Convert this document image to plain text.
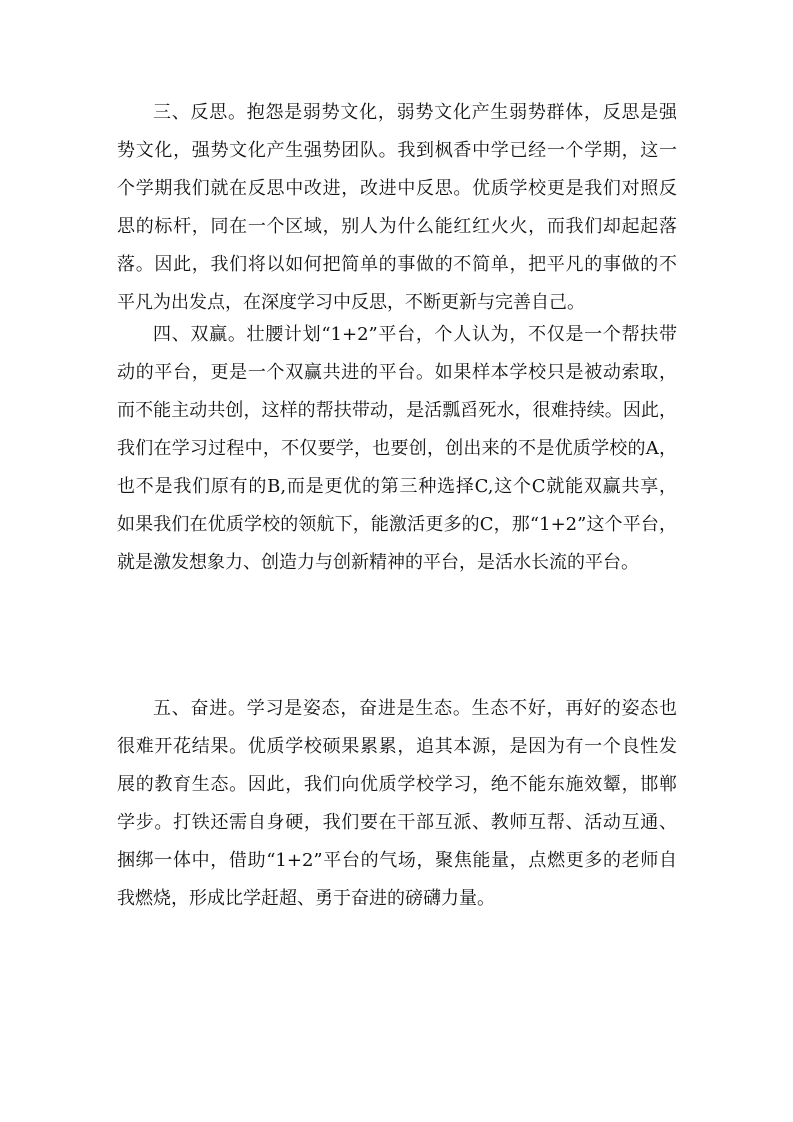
三、反思。抱怨是弱势文化，弱势文化产生弱势群体，反思是强
势文化，强势文化产生强势团队。我到枫香中学已经一个学期，这一
个学期我们就在反思中改进，改进中反思。优质学校更是我们对照反
思的标杆，同在一个区域，别人为什么能红红火火，而我们却起起落
落。因此，我们将以如何把简单的事做的不简单，把平凡的事做的不
平凡为出发点，在深度学习中反思，不断更新与完善自己。
四、双赢。壮腰计划“1+2”平台，个人认为，不仅是一个帮扶带
动的平台，更是一个双赢共进的平台。如果样本学校只是被动索取，
而不能主动共创，这样的帮扶带动，是活瓢舀死水，很难持续。因此，
我们在学习过程中，不仅要学，也要创，创出来的不是优质学校的A，
也不是我们原有的B,而是更优的第三种选择C,这个C就能双赢共享，
如果我们在优质学校的领航下，能激活更多的C，那“1+2”这个平台，
就是激发想象力、创造力与创新精神的平台，是活水长流的平台。
五、奋进。学习是姿态，奋进是生态。生态不好，再好的姿态也
很难开花结果。优质学校硕果累累，追其本源，是因为有一个良性发
展的教育生态。因此，我们向优质学校学习，绝不能东施效颦，邯郸
学步。打铁还需自身硬，我们要在干部互派、教师互帮、活动互通、
捆绑一体中，借助“1+2”平台的气场，聚焦能量，点燃更多的老师自
我燃烧，形成比学赶超、勇于奋进的磅礴力量。
